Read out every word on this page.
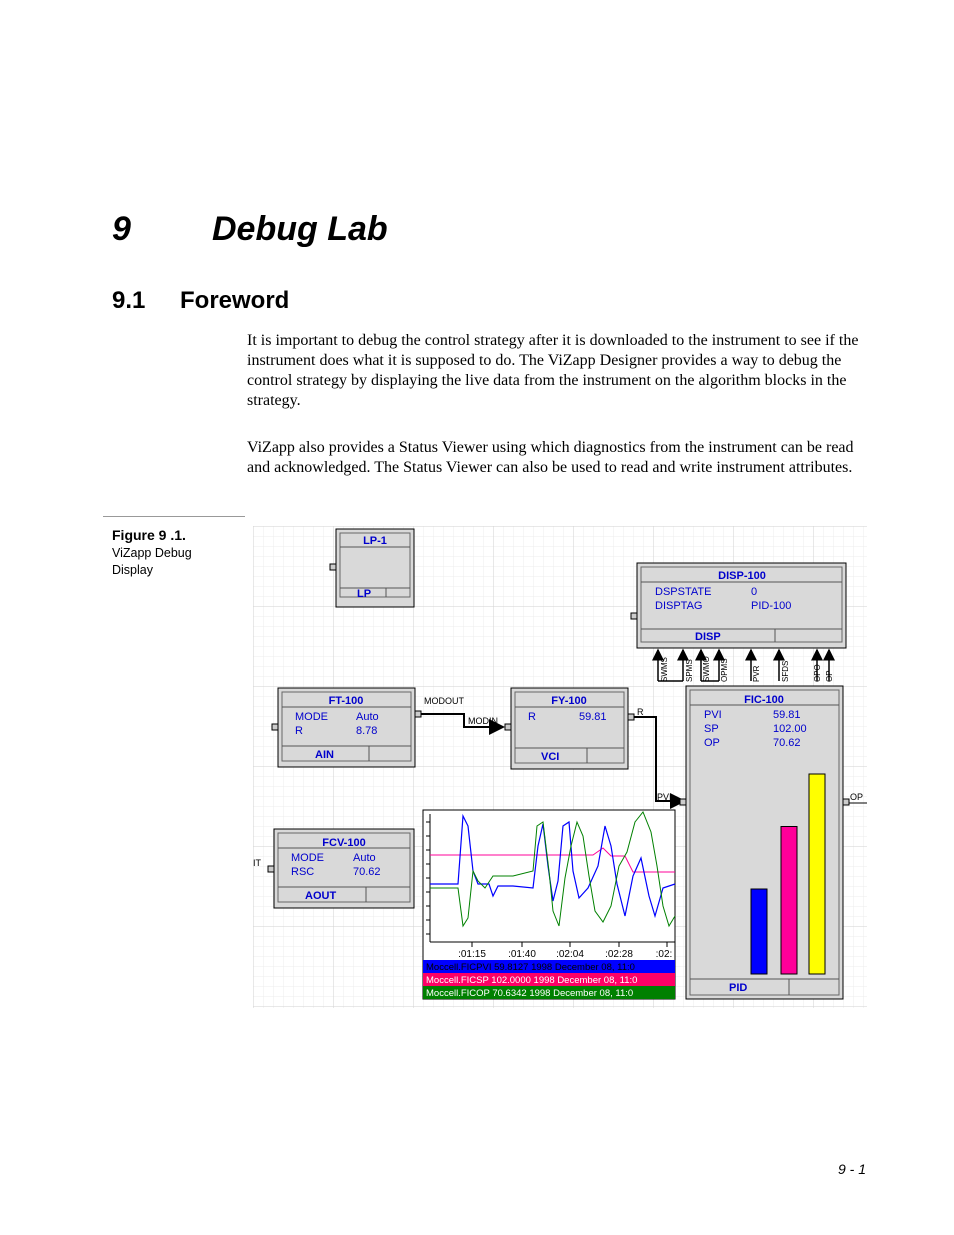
9 Debug Lab
9.1 Foreword

It is important to debug the control strategy after it is downloaded to the instrument to see if the instrument does what it is supposed to do. The ViZapp Designer provides a way to debug the control strategy by displaying the live data from the instrument on the algorithm blocks in the strategy.

ViZapp also provides a Status Viewer using which diagnostics from the instrument can be read and acknowledged. The Status Viewer can also be used to read and write instrument attributes.

Figure 9 .1.
ViZapp Debug
Display
LP-1
LP
DISP-100
DSPSTATE	0
DISPTAG	PID-100
DISP
SWMS SPMS	OPMS
SWMO	PVR	SFDS	OPO OP
FT-100
MODE	Auto
R	8.78
AIN
FY-100
R	59.81
VCI
MODOUT
MODIN
R
PVI	OP
IT
FIC-100
PVI	59.81
SP	102.00
OP	70.62
PID
FCV-100
MODE	Auto
RSC	70.62
AOUT
:01:15 :01:40 :02:04 :02:28 :02:
Moccell.FICPVI 59.8127 1998 December 08, 11:0
Moccell.FICSP 102.0000 1998 December 08, 11:0
Moccell.FICOP 70.6342 1998 December 08, 11:0
9 - 1
